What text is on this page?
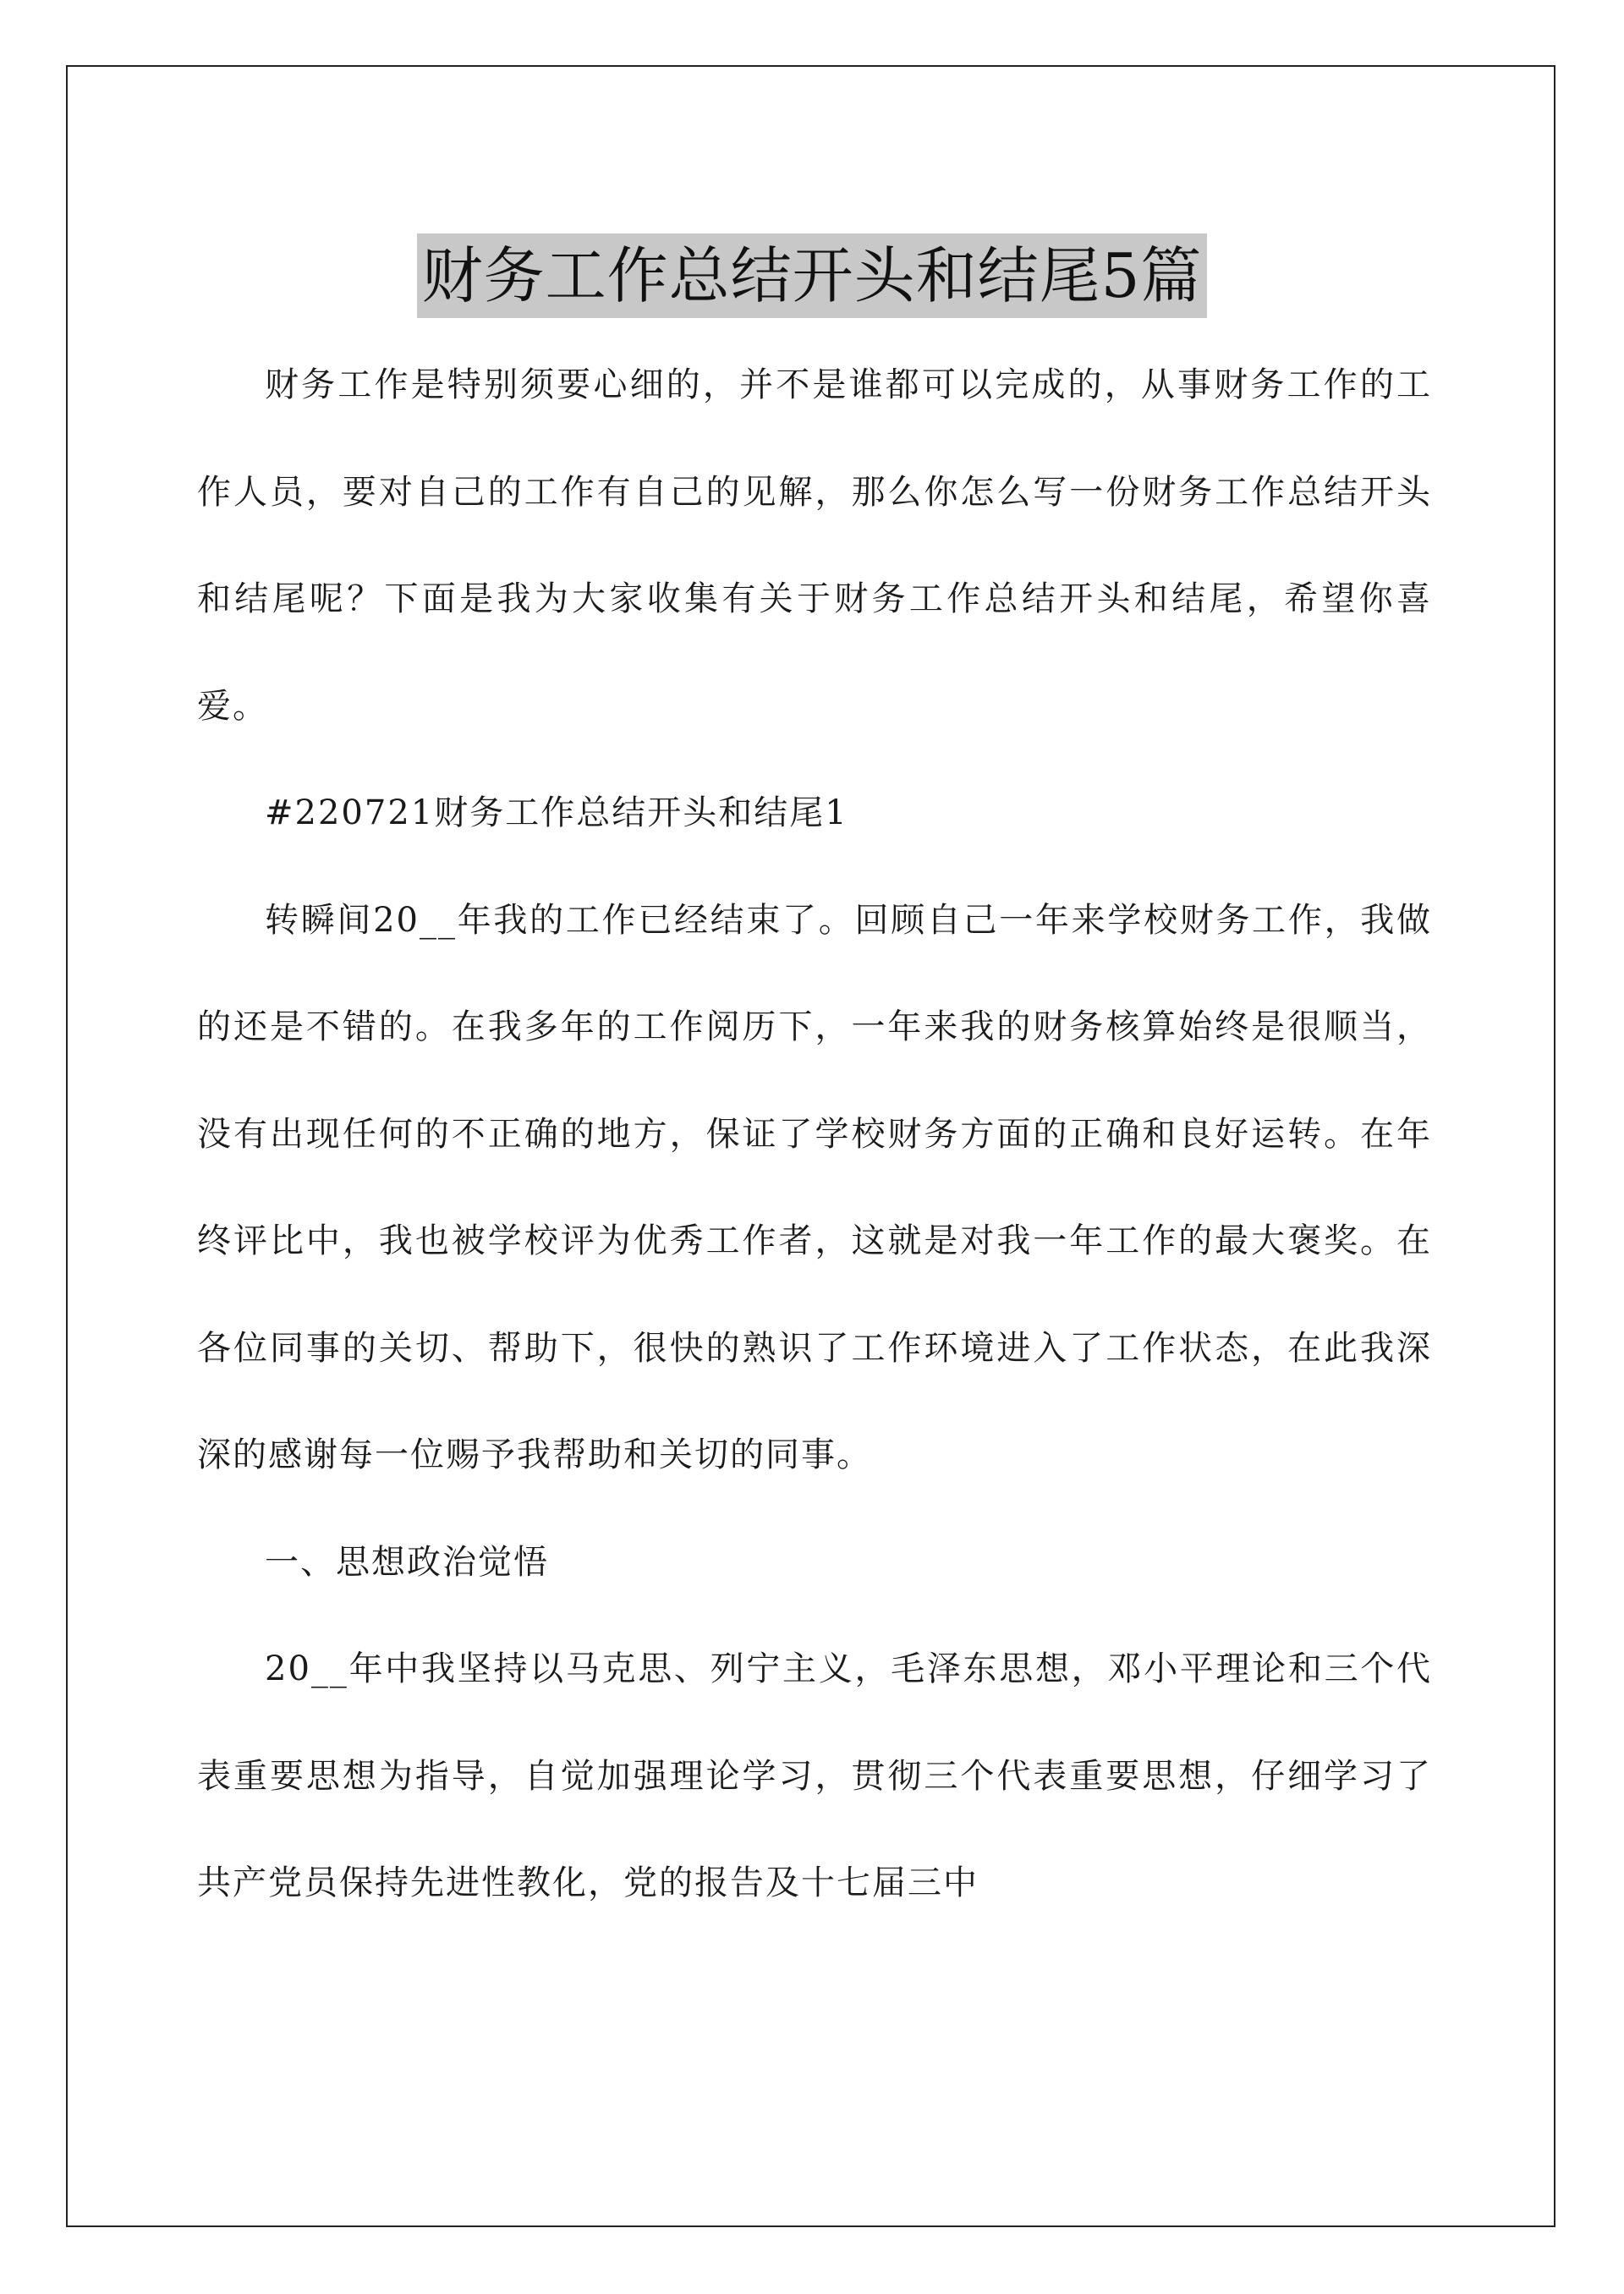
财务工作总结开头和结尾5篇

财务工作是特别须要心细的，并不是谁都可以完成的，从事财务工作的工作人员，要对自己的工作有自己的见解，那么你怎么写一份财务工作总结开头和结尾呢？下面是我为大家收集有关于财务工作总结开头和结尾，希望你喜爱。

#220721财务工作总结开头和结尾1

转瞬间20__年我的工作已经结束了。回顾自己一年来学校财务工作，我做的还是不错的。在我多年的工作阅历下，一年来我的财务核算始终是很顺当，没有出现任何的不正确的地方，保证了学校财务方面的正确和良好运转。在年终评比中，我也被学校评为优秀工作者，这就是对我一年工作的最大褒奖。在各位同事的关切、帮助下，很快的熟识了工作环境进入了工作状态，在此我深深的感谢每一位赐予我帮助和关切的同事。

一、思想政治觉悟

20__年中我坚持以马克思、列宁主义，毛泽东思想，邓小平理论和三个代表重要思想为指导，自觉加强理论学习，贯彻三个代表重要思想，仔细学习了共产党员保持先进性教化，党的报告及十七届三中
